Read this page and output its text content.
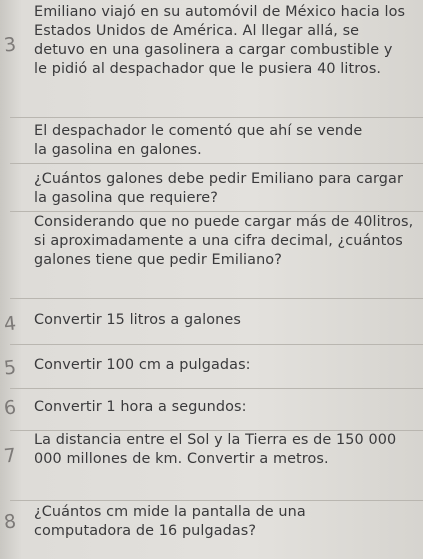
Emiliano viajó en su automóvil de México hacia los Estados Unidos de América. Al llegar allá, se detuvo en una gasolinera a cargar combustible y le pidió al despachador que le pusiera 40 litros.

El despachador le comentó que ahí se vende la gasolina en galones.

¿Cuántos galones debe pedir Emiliano para cargar la gasolina que requiere?

Considerando que no puede cargar más de 40litros, si aproximadamente a una cifra decimal, ¿cuántos galones tiene que pedir Emiliano?

Convertir 15 litros a galones

Convertir 100 cm a pulgadas:

Convertir 1 hora a segundos:

La distancia entre el Sol y la Tierra es de 150 000 000 millones de km. Convertir a metros.

¿Cuántos cm mide la pantalla de una computadora de 16 pulgadas?

3
4
5
6
7
8
